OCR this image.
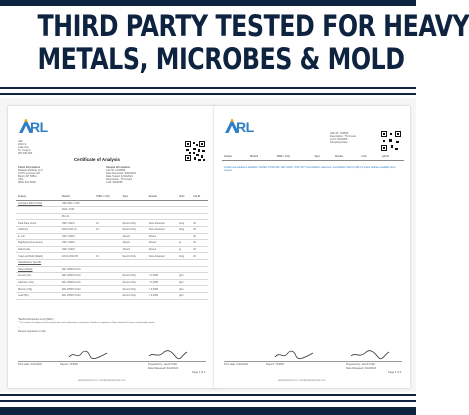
THIRD PARTY TESTED FOR HEAVY
METALS, MICROBES & MOLD
RL
ARL
2010 S.
Lake Ave.
St. Joseph,
ZIP 000-000
Certificate of Analysis
Client Information
Radiant Medical, LLC
2175 Lynmoore Rd.
Beloit, WI 53511
USA
(800) 621-5000
Sample Information
Lab ID: 1234569
Date Received: 3/02/2024
Date Tested: 6/12/2024
Description: TS Cream
Lot#: 2024056
Analyte	Method	TMDL / LOQ	Spec	Results	Units	Lab ID
Complete Micro Profile	USP 2021 / USP					
	2022 / 2023					
	061 14					
Total Plate Count	USP <2021>	10	Record Only	None Detected	cfu/g	20
Coliforms	AOAC 991.14	10	Record Only	None Detected	cfu/g	20
E. coli	USP <2022>		Absent	Absent		20
Staphylococcus aureus	USP <2022>		Absent	Absent	/g	20
Salmonella	USP <2022>		Absent	Absent	/g	20
Yeast and Mold (Rapid)	AOAC 2014.05	10	Record Only	None Detected	cfu/g	20
Classification Specific						
Heavy Metals	ARL CPMS 6.014					
Arsenic (As)	ARL CPMS 6.014		Record Only	< 0.0050	ppm	
Cadmium (Cd)	ARL CPMS 6.014		Record Only	< 0.0050	ppm	
Mercury (Hg)	ARL CPMS 6.014		Record Only	< 0.0050	ppm	
Lead (Pb)	ARL CPMS 6.014		Record Only	< 0.0050	ppm	
*Method Detection Limit (MDL)
** The result is the minimum level of growth that can be detected per unit/volume. Results are reported as "None Detected" if there is no detectable growth.
...
Review signature on file.
Print date: 6/12/2024	Report: 734666	Prepared by: Jacob Toller
Date Released: 6/12/2024
Page 1 of 2
arlanalytical.com | info@arlanalytical.com
RL	ARL ID: 734666
Description: TS Cream
Lot #: 2024056
Sampling Date: -
Analyte	Method	TMDL / LOQ	Spec	Results	Units	Lab ID
Certain accreditations available: ISO/IEC 17025 ARL, ARL AOAC / PSO 3477 accreditation statement. Accreditation held by ARL for scope facilities available upon request.
Print date: 6/12/2024	Report: 734666	Prepared by: Jacob Toller
Date Released: 6/12/2024
Page 2 of 2
arlanalytical.com | info@arlanalytical.com
